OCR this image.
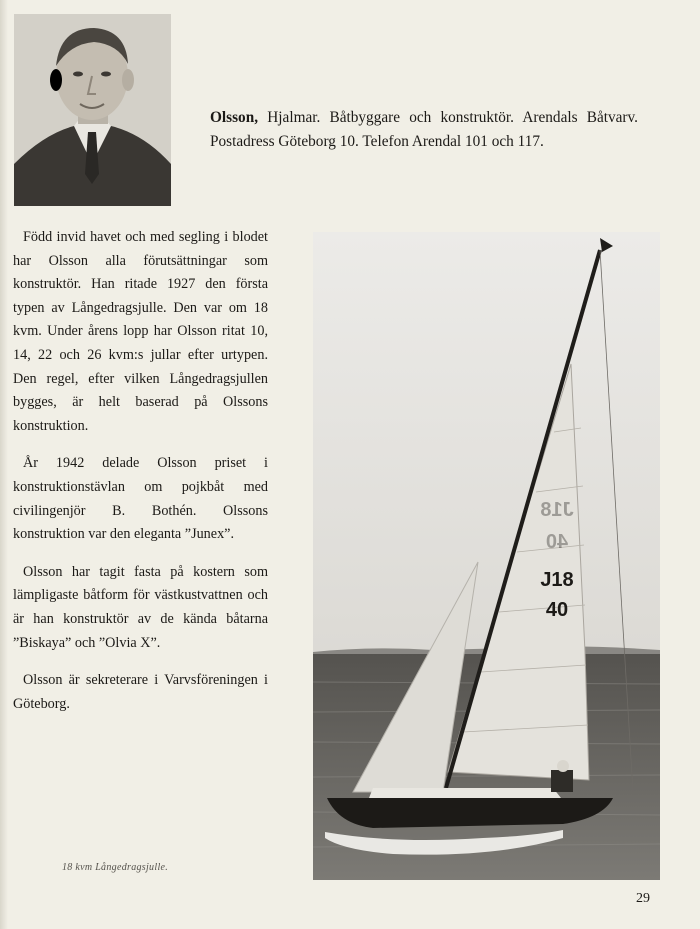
Olsson, Hjalmar. Båtbyggare och konstruktör. Arendals Båtvarv. Postadress Göteborg 10. Telefon Arendal 101 och 117.

Född invid havet och med segling i blodet har Olsson alla förutsättningar som konstruktör. Han ritade 1927 den första typen av Långedragsjulle. Den var om 18 kvm. Under årens lopp har Olsson ritat 10, 14, 22 och 26 kvm:s jullar efter urtypen. Den regel, efter vilken Långedragsjullen bygges, är helt baserad på Olssons konstruktion.

År 1942 delade Olsson priset i konstruktionstävlan om pojkbåt med civilingenjör B. Bothén. Olssons konstruktion var den eleganta ”Junex”.

Olsson har tagit fasta på kostern som lämpligaste båtform för västkustvattnen och är han konstruktör av de kända båtarna ”Biskaya” och ”Olvia X”.

Olsson är sekreterare i Varvsföreningen i Göteborg.

J18
40
J18
40
18 kvm Långedragsjulle.
29
